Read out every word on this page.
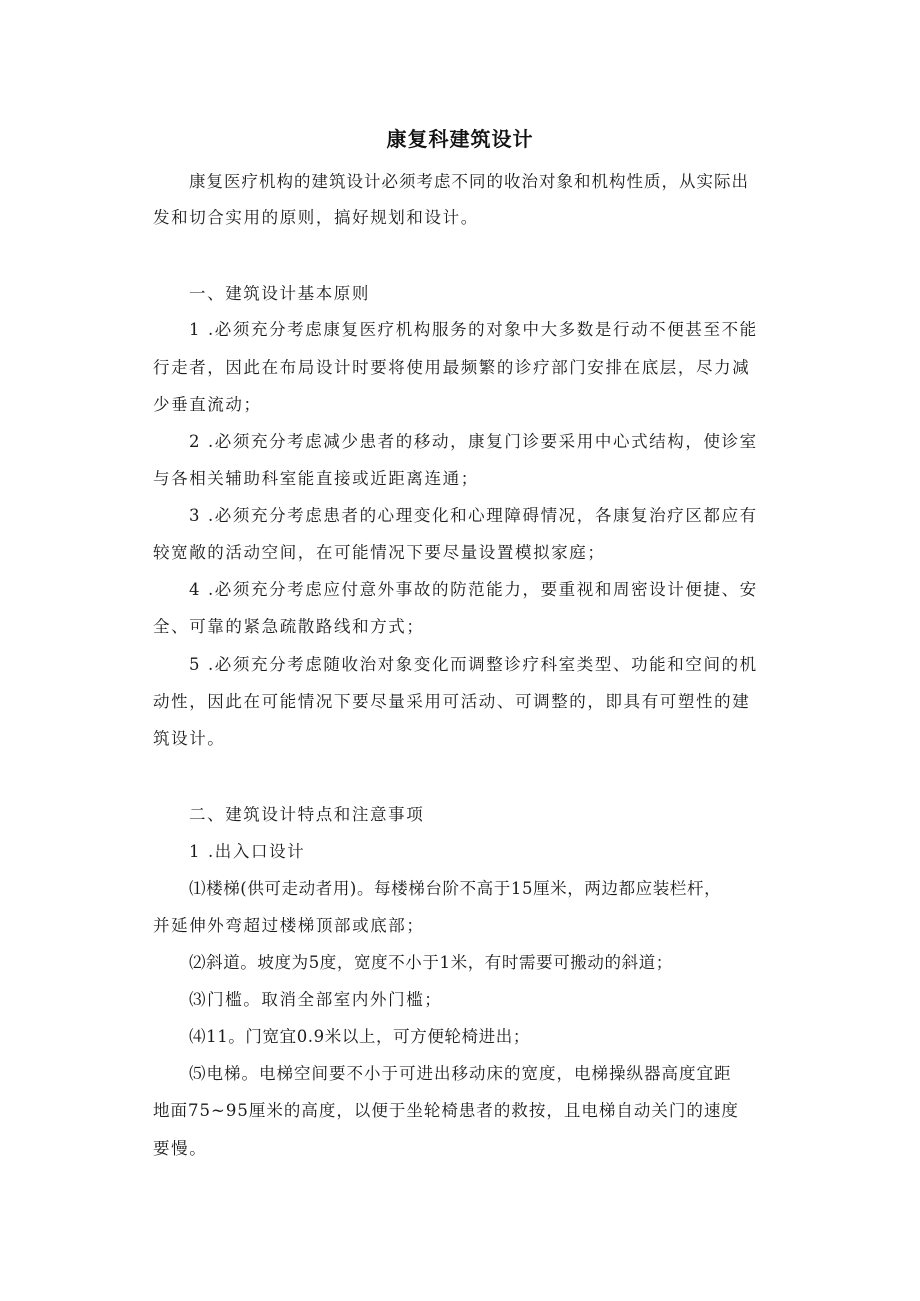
康复科建筑设计

康复医疗机构的建筑设计必须考虑不同的收治对象和机构性质，从实际出

发和切合实用的原则，搞好规划和设计。

一、建筑设计基本原则

1 .必须充分考虑康复医疗机构服务的对象中大多数是行动不便甚至不能

行走者，因此在布局设计时要将使用最频繁的诊疗部门安排在底层，尽力减

少垂直流动；

2 .必须充分考虑减少患者的移动，康复门诊要采用中心式结构，使诊室

与各相关辅助科室能直接或近距离连通；

3 .必须充分考虑患者的心理变化和心理障碍情况，各康复治疗区都应有

较宽敞的活动空间，在可能情况下要尽量设置模拟家庭；

4 .必须充分考虑应付意外事故的防范能力，要重视和周密设计便捷、安

全、可靠的紧急疏散路线和方式；

5 .必须充分考虑随收治对象变化而调整诊疗科室类型、功能和空间的机

动性，因此在可能情况下要尽量采用可活动、可调整的，即具有可塑性的建

筑设计。

二、建筑设计特点和注意事项

1 .出入口设计

⑴楼梯(供可走动者用)。每楼梯台阶不高于15厘米，两边都应装栏杆，

并延伸外弯超过楼梯顶部或底部；

⑵斜道。坡度为5度，宽度不小于1米，有时需要可搬动的斜道；

⑶门槛。取消全部室内外门槛；

⑷11。门宽宜0.9米以上，可方便轮椅进出；

⑸电梯。电梯空间要不小于可进出移动床的宽度，电梯操纵器高度宜距

地面75~95厘米的高度，以便于坐轮椅患者的救按，且电梯自动关门的速度

要慢。
